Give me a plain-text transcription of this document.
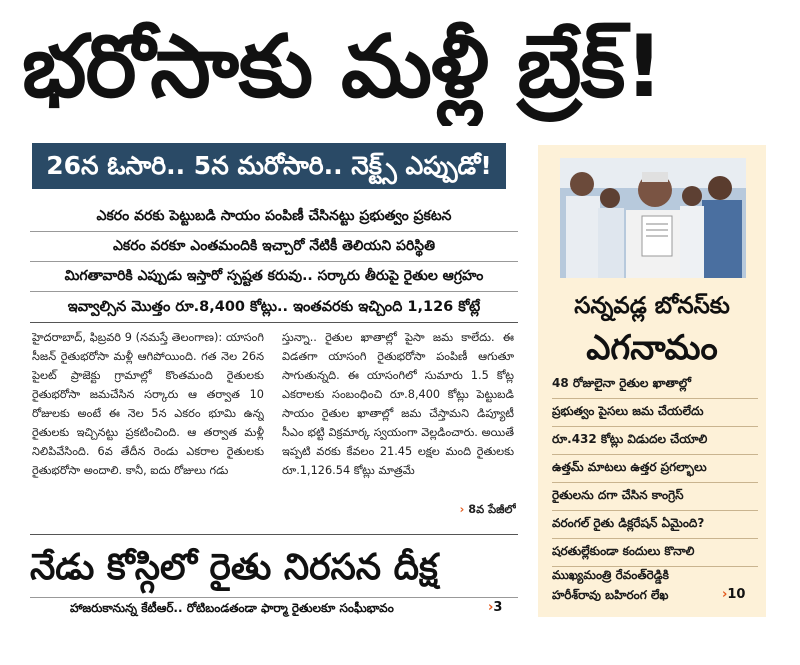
భరోసాకు మళ్లీ బ్రేక్!
26న ఓసారి.. 5న మరోసారి.. నెక్ట్స్ ఎప్పుడో!
ఎకరం వరకు పెట్టుబడి సాయం పంపిణీ చేసినట్టు ప్రభుత్వం ప్రకటన
ఎకరం వరకూ ఎంతమందికి ఇచ్చారో నేటికీ తెలియని పరిస్థితి
మిగతావారికి ఎప్పుడు ఇస్తారో స్పష్టత కరువు.. సర్కారు తీరుపై రైతుల ఆగ్రహం
ఇవ్వాల్సిన మొత్తం రూ.8,400 కోట్లు.. ఇంతవరకు ఇచ్చింది 1,126 కోట్లే
హైదరాబాద్, ఫిబ్రవరి 9 (నమస్తే తెలంగాణ): యాసంగి సీజన్ రైతుభరోసా మళ్లీ ఆగిపోయింది. గత నెల 26న పైలట్ ప్రాజెక్టు గ్రామాల్లో కొంతమంది రైతులకు రైతుభరోసా జమచేసిన సర్కారు ఆ తర్వాత 10 రోజులకు అంటే ఈ నెల 5న ఎకరం భూమి ఉన్న రైతులకు ఇచ్చినట్టు ప్రకటించింది. ఆ తర్వాత మళ్లీ నిలిపివేసింది. 6వ తేదీన రెండు ఎకరాల రైతులకు రైతుభరోసా అందాలి. కానీ, ఐదు రోజులు గడు
స్తున్నా.. రైతుల ఖాతాల్లో పైసా జమ కాలేదు. ఈ విడతగా యాసంగి రైతుభరోసా పంపిణీ ఆగుతూ సాగుతున్నది. ఈ యాసంగిలో సుమారు 1.5 కోట్ల ఎకరాలకు సంబంధించి రూ.8,400 కోట్లు పెట్టుబడి సాయం రైతుల ఖాతాల్లో జమ చేస్తామని డిప్యూటీ సీఎం భట్టి విక్రమార్క స్వయంగా వెల్లడించారు. అయితే ఇప్పటి వరకు కేవలం 21.45 లక్షల మంది రైతులకు రూ.1,126.54 కోట్లు మాత్రమే
› 8వ పేజీలో
నేడు కోస్గిలో రైతు నిరసన దీక్ష
హాజరుకానున్న కేటీఆర్.. రోటిబండతండా ఫార్మా రైతులకూ సంఘీభావం	›3
సన్నవడ్ల బోనస్‌కు
ఎగనామం
48 రోజులైనా రైతుల ఖాతాల్లో
ప్రభుత్వం పైసలు జమ చేయలేదు
రూ.432 కోట్లు విడుదల చేయాలి
ఉత్తమ్ మాటలు ఉత్తర ప్రగల్భాలు
రైతులను దగా చేసిన కాంగ్రెస్
వరంగల్ రైతు డిక్లరేషన్ ఏమైంది?
షరతుల్లేకుండా కందులు కొనాలి
ముఖ్యమంత్రి రేవంత్‌రెడ్డికి
హరీశ్‌రావు బహిరంగ లేఖ	›10
